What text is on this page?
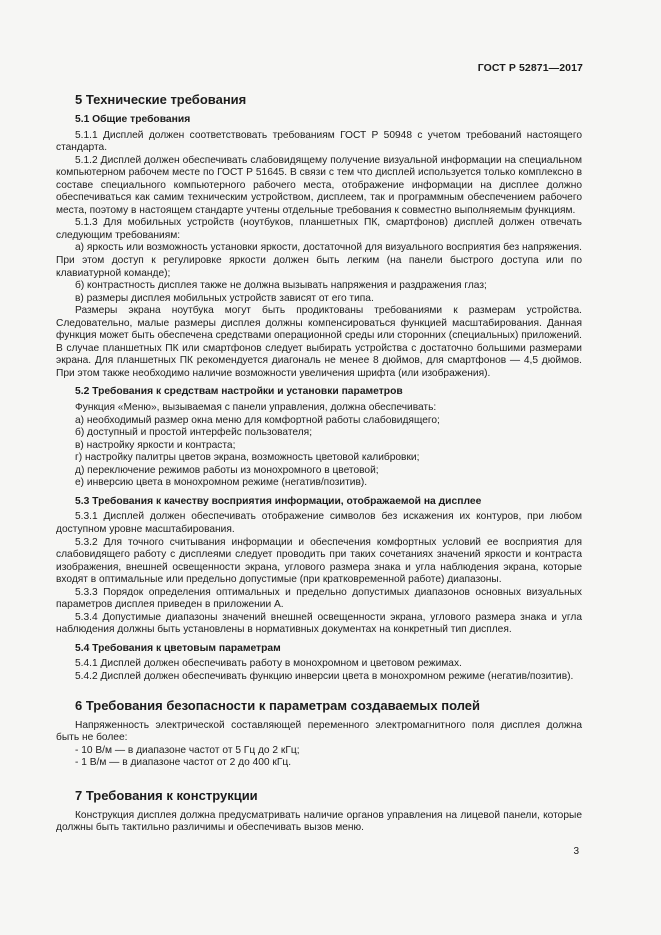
ГОСТ Р 52871—2017
5 Технические требования
5.1 Общие требования

5.1.1 Дисплей должен соответствовать требованиям ГОСТ Р 50948 с учетом требований настоящего стандарта.

5.1.2 Дисплей должен обеспечивать слабовидящему получение визуальной информации на специальном компьютерном рабочем месте по ГОСТ Р 51645. В связи с тем что дисплей используется только комплексно в составе специального компьютерного рабочего места, отображение информации на дисплее должно обеспечиваться как самим техническим устройством, дисплеем, так и программным обеспечением рабочего места, поэтому в настоящем стандарте учтены отдельные требования к совместно выполняемым функциям.

5.1.3 Для мобильных устройств (ноутбуков, планшетных ПК, смартфонов) дисплей должен отвечать следующим требованиям:

а) яркость или возможность установки яркости, достаточной для визуального восприятия без напряжения. При этом доступ к регулировке яркости должен быть легким (на панели быстрого доступа или по клавиатурной команде);

б) контрастность дисплея также не должна вызывать напряжения и раздражения глаз;

в) размеры дисплея мобильных устройств зависят от его типа.

Размеры экрана ноутбука могут быть продиктованы требованиями к размерам устройства. Следовательно, малые размеры дисплея должны компенсироваться функцией масштабирования. Данная функция может быть обеспечена средствами операционной среды или сторонних (специальных) приложений. В случае планшетных ПК или смартфонов следует выбирать устройства с достаточно большими размерами экрана. Для планшетных ПК рекомендуется диагональ не менее 8 дюймов, для смартфонов — 4,5 дюймов. При этом также необходимо наличие возможности увеличения шрифта (или изображения).

5.2 Требования к средствам настройки и установки параметров

Функция «Меню», вызываемая с панели управления, должна обеспечивать:

а) необходимый размер окна меню для комфортной работы слабовидящего;

б) доступный и простой интерфейс пользователя;

в) настройку яркости и контраста;

г) настройку палитры цветов экрана, возможность цветовой калибровки;

д) переключение режимов работы из монохромного в цветовой;

е) инверсию цвета в монохромном режиме (негатив/позитив).

5.3 Требования к качеству восприятия информации, отображаемой на дисплее

5.3.1 Дисплей должен обеспечивать отображение символов без искажения их контуров, при любом доступном уровне масштабирования.

5.3.2 Для точного считывания информации и обеспечения комфортных условий ее восприятия для слабовидящего работу с дисплеями следует проводить при таких сочетаниях значений яркости и контраста изображения, внешней освещенности экрана, углового размера знака и угла наблюдения экрана, которые входят в оптимальные или предельно допустимые (при кратковременной работе) диапазоны.

5.3.3 Порядок определения оптимальных и предельно допустимых диапазонов основных визуальных параметров дисплея приведен в приложении А.

5.3.4 Допустимые диапазоны значений внешней освещенности экрана, углового размера знака и угла наблюдения должны быть установлены в нормативных документах на конкретный тип дисплея.

5.4 Требования к цветовым параметрам

5.4.1 Дисплей должен обеспечивать работу в монохромном и цветовом режимах.

5.4.2 Дисплей должен обеспечивать функцию инверсии цвета в монохромном режиме (негатив/позитив).

6 Требования безопасности к параметрам создаваемых полей

Напряженность электрической составляющей переменного электромагнитного поля дисплея должна быть не более:

- 10 В/м — в диапазоне частот от 5 Гц до 2 кГц;

- 1 В/м — в диапазоне частот от 2 до 400 кГц.

7 Требования к конструкции

Конструкция дисплея должна предусматривать наличие органов управления на лицевой панели, которые должны быть тактильно различимы и обеспечивать вызов меню.

3
